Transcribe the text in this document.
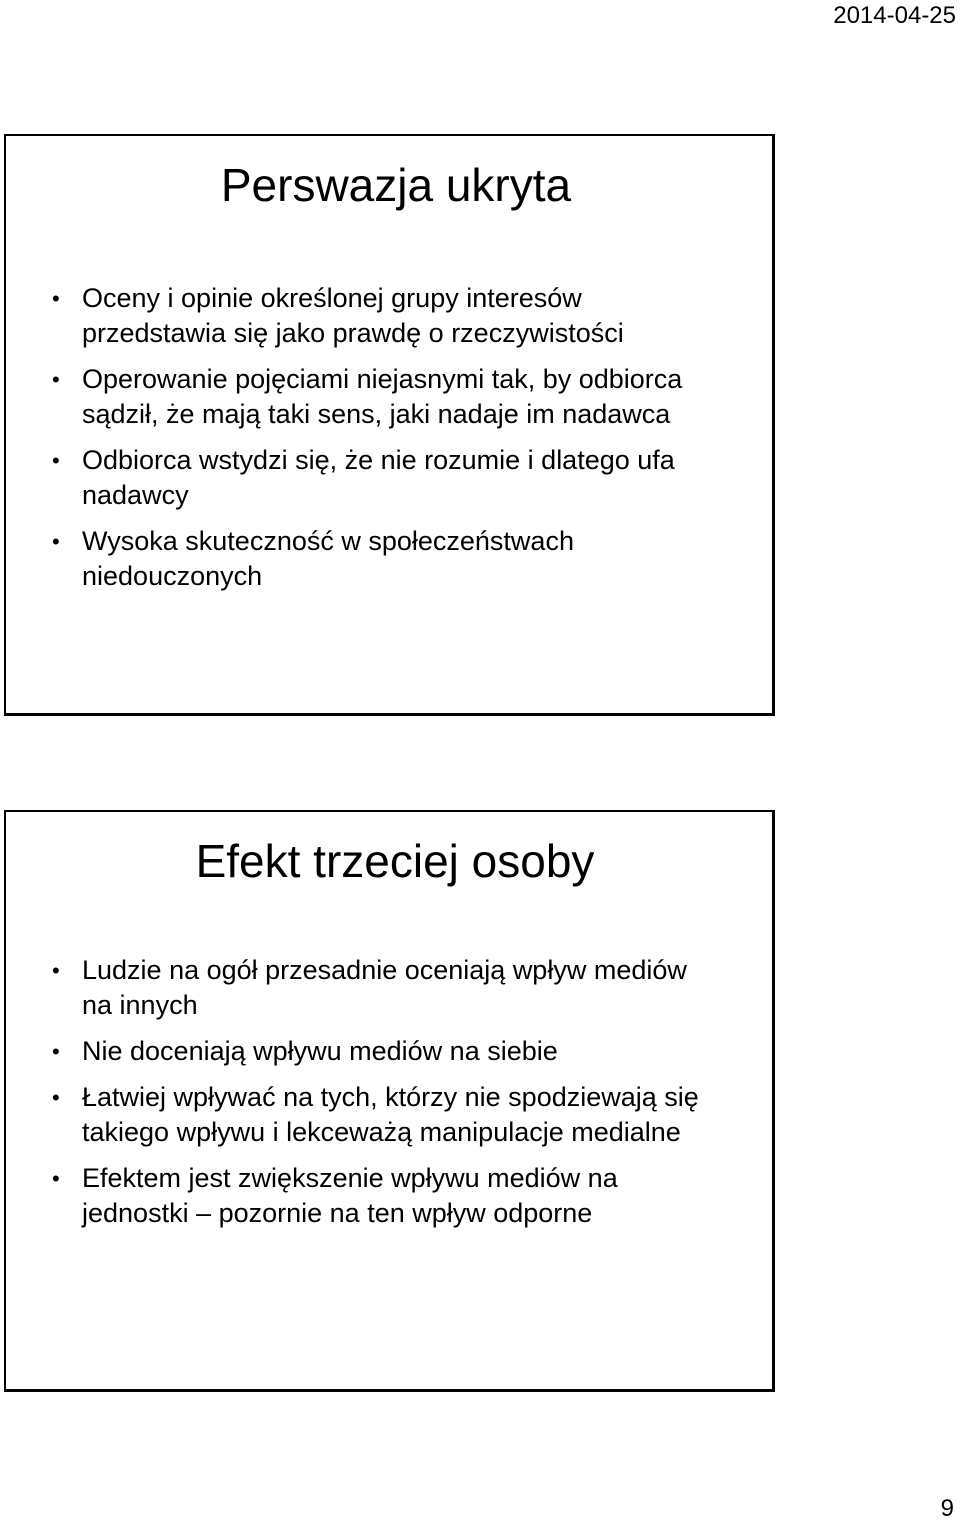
2014-04-25
Perswazja ukryta
• Oceny i opinie określonej grupy interesów przedstawia się jako prawdę o rzeczywistości
• Operowanie pojęciami niejasnymi tak, by odbiorca sądził, że mają taki sens, jaki nadaje im nadawca
• Odbiorca wstydzi się, że nie rozumie i dlatego ufa nadawcy
• Wysoka skuteczność w społeczeństwach niedouczonych
Efekt trzeciej osoby
• Ludzie na ogół przesadnie oceniają wpływ mediów na innych
• Nie doceniają wpływu mediów na siebie
• Łatwiej wpływać na tych, którzy nie spodziewają się takiego wpływu i lekceważą manipulacje medialne
• Efektem jest zwiększenie wpływu mediów na jednostki – pozornie na ten wpływ odporne
9
